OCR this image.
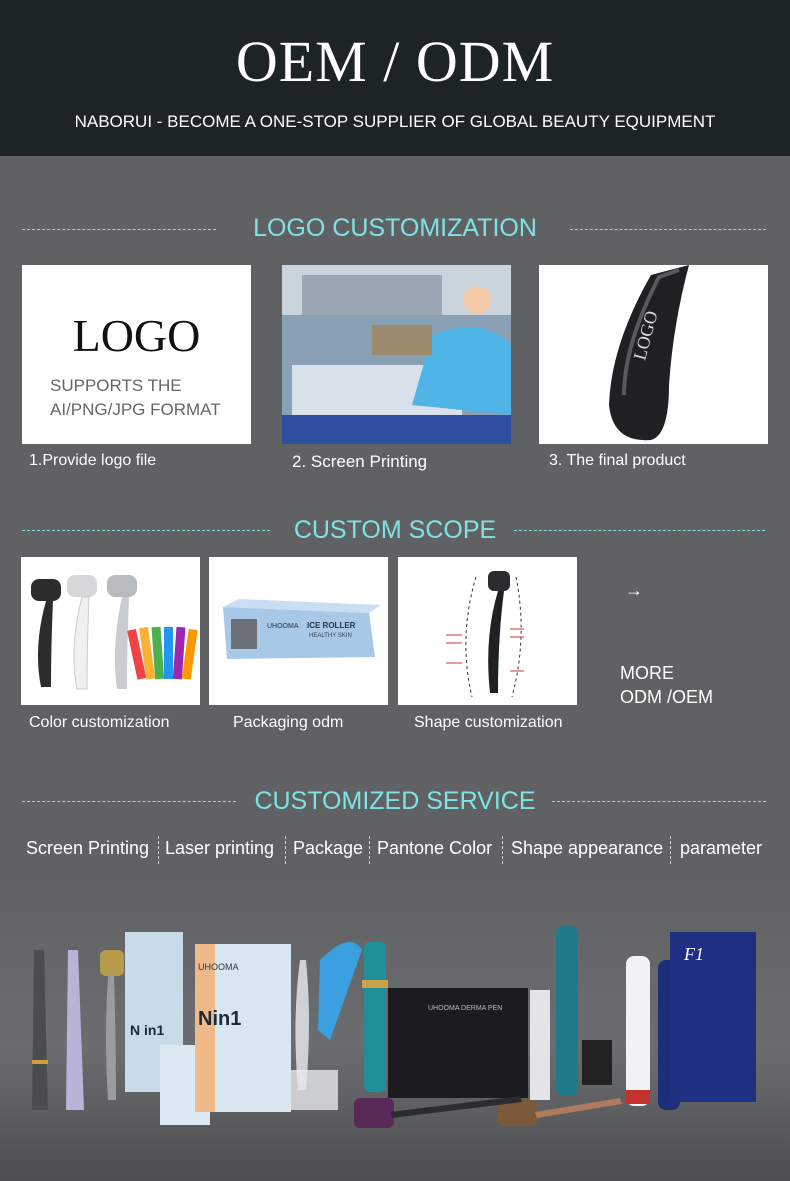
OEM / ODM
NABORUI - BECOME A ONE-STOP SUPPLIER OF GLOBAL BEAUTY EQUIPMENT
LOGO CUSTOMIZATION
LOGO
SUPPORTS THE
AI/PNG/JPG FORMAT
LOGO
1.Provide logo file	2. Screen Printing	3. The final product
CUSTOM SCOPE
UHOOMA ICE ROLLER
HEALTHY SKIN
Color customization	Packaging odm	Shape customization
→
MORE
ODM /OEM
CUSTOMIZED SERVICE
Screen Printing Laser printing Package Pantone Color Shape appearance parameter
N in1
UHOOMA
Nin1	UHOOMA DERMA PEN
F1
